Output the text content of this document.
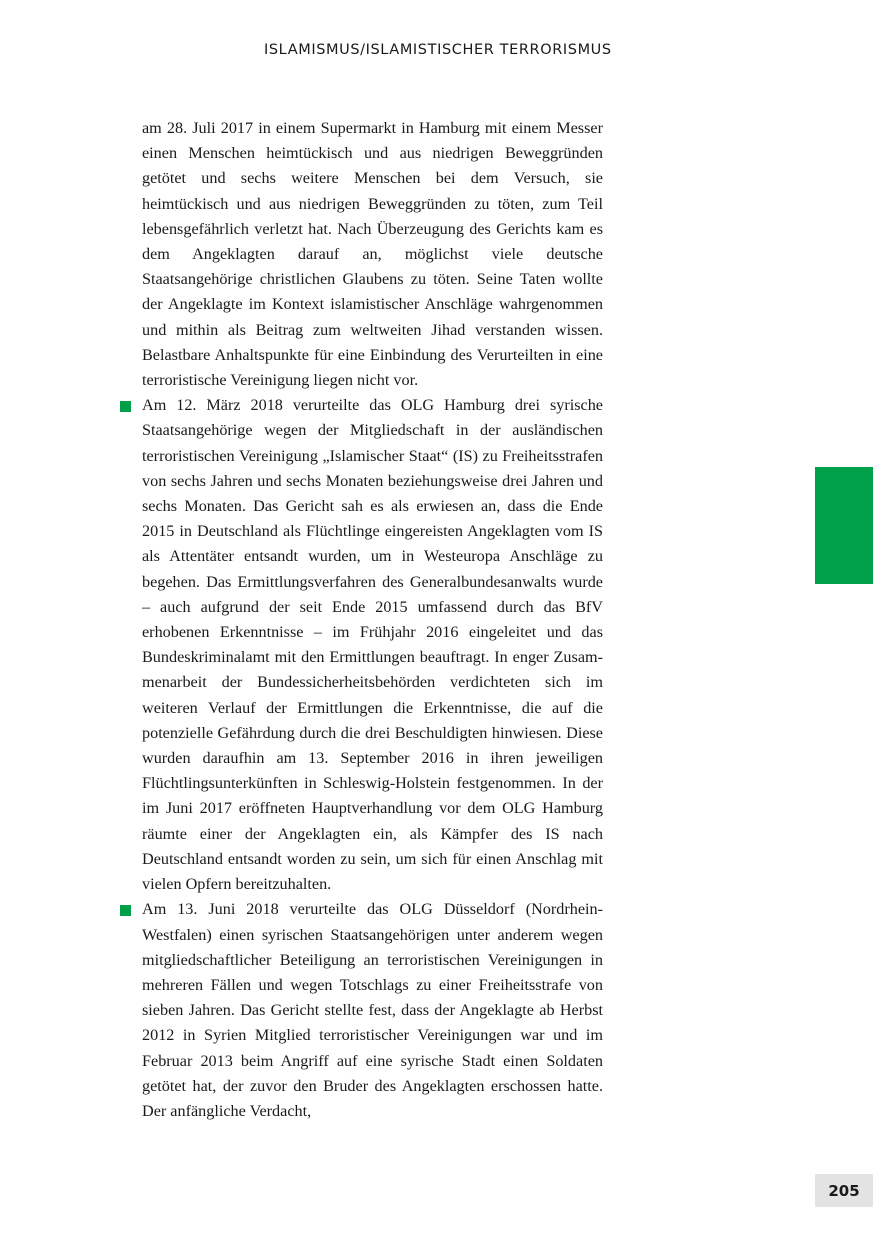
ISLAMISMUS/ISLAMISTISCHER TERRORISMUS

am 28. Juli 2017 in einem Supermarkt in Hamburg mit einem Messer einen Menschen heimtückisch und aus niedrigen Beweggründen getötet und sechs weitere Menschen bei dem Versuch, sie heimtückisch und aus niedrigen Beweggründen zu töten, zum Teil lebensgefährlich verletzt hat. Nach Überzeugung des Gerichts kam es dem Angeklagten darauf an, möglichst viele deutsche Staatsangehörige christlichen Glaubens zu töten. Seine Taten wollte der Angeklagte im Kontext islamistischer Anschläge wahrgenommen und mithin als Beitrag zum weltweiten Jihad verstanden wissen. Belastbare Anhaltspunkte für eine Einbindung des Verurteilten in eine terroristische Vereinigung liegen nicht vor.

Am 12. März 2018 verurteilte das OLG Hamburg drei syrische Staatsangehörige wegen der Mitgliedschaft in der ausländischen terroristischen Vereinigung „Islamischer Staat“ (IS) zu Freiheitsstrafen von sechs Jahren und sechs Monaten beziehungsweise drei Jahren und sechs Monaten. Das Gericht sah es als erwiesen an, dass die Ende 2015 in Deutschland als Flüchtlinge eingereisten Angeklagten vom IS als Attentäter entsandt wurden, um in Westeuropa Anschläge zu begehen. Das Ermittlungsverfahren des Generalbundesanwalts wurde – auch aufgrund der seit Ende 2015 umfassend durch das BfV erhobenen Erkenntnisse – im Frühjahr 2016 eingeleitet und das Bundeskriminalamt mit den Ermittlungen beauftragt. In enger Zusammenarbeit der Bundessicherheitsbehörden verdichteten sich im weiteren Verlauf der Ermittlungen die Erkenntnisse, die auf die potenzielle Gefährdung durch die drei Beschuldigten hinwiesen. Diese wurden daraufhin am 13. September 2016 in ihren jeweiligen Flüchtlingsunterkünften in Schleswig-Holstein festgenommen. In der im Juni 2017 eröffneten Hauptverhandlung vor dem OLG Hamburg räumte einer der Angeklagten ein, als Kämpfer des IS nach Deutschland entsandt worden zu sein, um sich für einen Anschlag mit vielen Opfern bereitzuhalten.

Am 13. Juni 2018 verurteilte das OLG Düsseldorf (Nordrhein-Westfalen) einen syrischen Staatsangehörigen unter anderem wegen mitgliedschaftlicher Beteiligung an terroristischen Vereinigungen in mehreren Fällen und wegen Totschlags zu einer Freiheitsstrafe von sieben Jahren. Das Gericht stellte fest, dass der Angeklagte ab Herbst 2012 in Syrien Mitglied terroristischer Vereinigungen war und im Februar 2013 beim Angriff auf eine syrische Stadt einen Soldaten getötet hat, der zuvor den Bruder des Angeklagten erschossen hatte. Der anfängliche Verdacht,

205
